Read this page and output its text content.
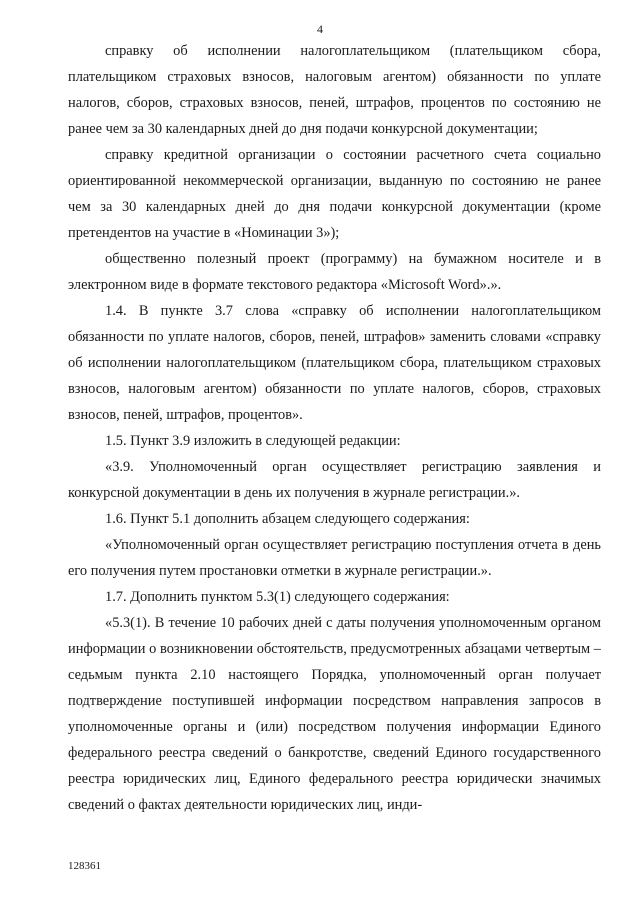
4

справку об исполнении налогоплательщиком (плательщиком сбора, плательщиком страховых взносов, налоговым агентом) обязанности по уплате налогов, сборов, страховых взносов, пеней, штрафов, процентов по состоянию не ранее чем за 30 календарных дней до дня подачи конкурсной документации;

справку кредитной организации о состоянии расчетного счета социально ориентированной некоммерческой организации, выданную по состоянию не ранее чем за 30 календарных дней до дня подачи конкурсной документации (кроме претендентов на участие в «Номинации 3»);

общественно полезный проект (программу) на бумажном носителе и в электронном виде в формате текстового редактора «Microsoft Word».».

1.4. В пункте 3.7 слова «справку об исполнении налогоплательщиком обязанности по уплате налогов, сборов, пеней, штрафов» заменить словами «справку об исполнении налогоплательщиком (плательщиком сбора, плательщиком страховых взносов, налоговым агентом) обязанности по уплате налогов, сборов, страховых взносов, пеней, штрафов, процентов».

1.5. Пункт 3.9 изложить в следующей редакции:

«3.9. Уполномоченный орган осуществляет регистрацию заявления и конкурсной документации в день их получения в журнале регистрации.».

1.6. Пункт 5.1 дополнить абзацем следующего содержания:

«Уполномоченный орган осуществляет регистрацию поступления отчета в день его получения путем простановки отметки в журнале регистрации.».

1.7. Дополнить пунктом 5.3(1) следующего содержания:

«5.3(1). В течение 10 рабочих дней с даты получения уполномоченным органом информации о возникновении обстоятельств, предусмотренных абзацами четвертым – седьмым пункта 2.10 настоящего Порядка, уполномоченный орган получает подтверждение поступившей информации посредством направления запросов в уполномоченные органы и (или) посредством получения информации Единого федерального реестра сведений о банкротстве, сведений Единого государственного реестра юридических лиц, Единого федерального реестра юридически значимых сведений о фактах деятельности юридических лиц, инди-

128361
